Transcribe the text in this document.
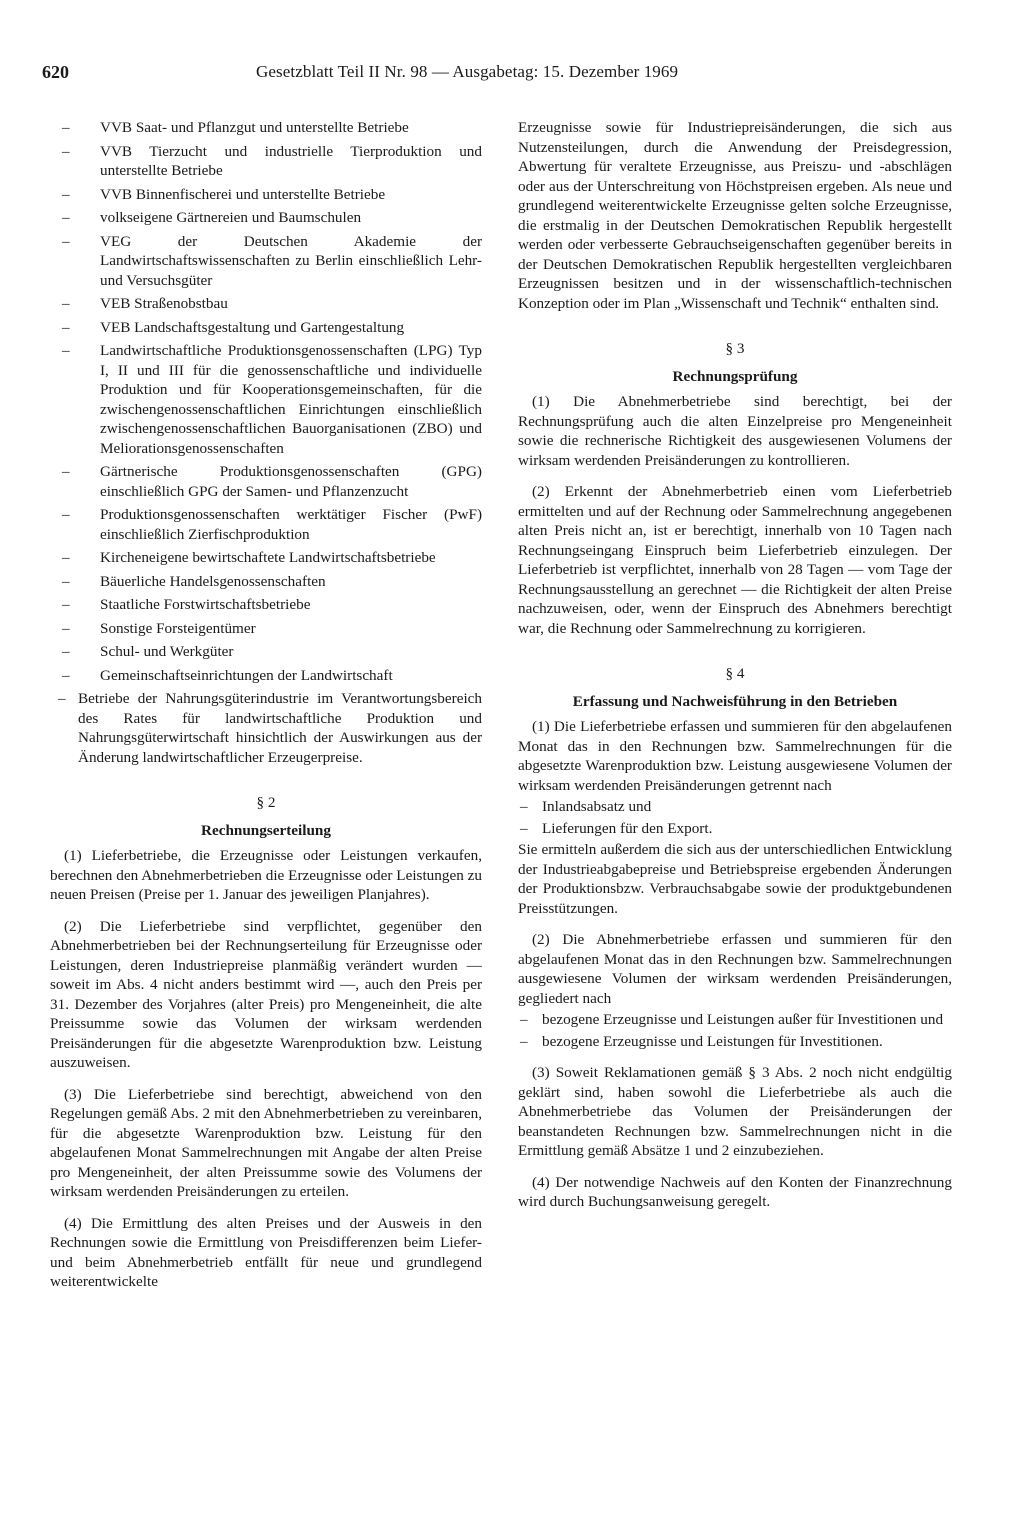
620	Gesetzblatt Teil II Nr. 98 — Ausgabetag: 15. Dezember 1969
– VVB Saat- und Pflanzgut und unterstellte Betriebe
– VVB Tierzucht und industrielle Tierproduktion und unterstellte Betriebe
– VVB Binnenfischerei und unterstellte Betriebe
– volkseigene Gärtnereien und Baumschulen
– VEG der Deutschen Akademie der Landwirtschaftswissenschaften zu Berlin einschließlich Lehr- und Versuchsgüter
– VEB Straßenobstbau
– VEB Landschaftsgestaltung und Gartengestaltung
– Landwirtschaftliche Produktionsgenossenschaften (LPG) Typ I, II und III für die genossenschaftliche und individuelle Produktion und für Kooperationsgemeinschaften, für die zwischengenossenschaftlichen Einrichtungen einschließlich zwischengenossenschaftlichen Bauorganisationen (ZBO) und Meliorationsgenossenschaften
– Gärtnerische Produktionsgenossenschaften (GPG) einschließlich GPG der Samen- und Pflanzenzucht
– Produktionsgenossenschaften werktätiger Fischer (PwF) einschließlich Zierfischproduktion
– Kircheneigene bewirtschaftete Landwirtschaftsbetriebe
– Bäuerliche Handelsgenossenschaften
– Staatliche Forstwirtschaftsbetriebe
– Sonstige Forsteigentümer
– Schul- und Werkgüter
– Gemeinschaftseinrichtungen der Landwirtschaft
– Betriebe der Nahrungsgüterindustrie im Verantwortungsbereich des Rates für landwirtschaftliche Produktion und Nahrungsgüterwirtschaft hinsichtlich der Auswirkungen aus der Änderung landwirtschaftlicher Erzeugerpreise.

§ 2

Rechnungserteilung

(1) Lieferbetriebe, die Erzeugnisse oder Leistungen verkaufen, berechnen den Abnehmerbetrieben die Erzeugnisse oder Leistungen zu neuen Preisen (Preise per 1. Januar des jeweiligen Planjahres).

(2) Die Lieferbetriebe sind verpflichtet, gegenüber den Abnehmerbetrieben bei der Rechnungserteilung für Erzeugnisse oder Leistungen, deren Industriepreise planmäßig verändert wurden — soweit im Abs. 4 nicht anders bestimmt wird —, auch den Preis per 31. Dezember des Vorjahres (alter Preis) pro Mengeneinheit, die alte Preissumme sowie das Volumen der wirksam werdenden Preisänderungen für die abgesetzte Warenproduktion bzw. Leistung auszuweisen.

(3) Die Lieferbetriebe sind berechtigt, abweichend von den Regelungen gemäß Abs. 2 mit den Abnehmerbetrieben zu vereinbaren, für die abgesetzte Warenproduktion bzw. Leistung für den abgelaufenen Monat Sammelrechnungen mit Angabe der alten Preise pro Mengeneinheit, der alten Preissumme sowie des Volumens der wirksam werdenden Preisänderungen zu erteilen.

(4) Die Ermittlung des alten Preises und der Ausweis in den Rechnungen sowie die Ermittlung von Preisdifferenzen beim Liefer- und beim Abnehmerbetrieb entfällt für neue und grundlegend weiterentwickelte

Erzeugnisse sowie für Industriepreisänderungen, die sich aus Nutzensteilungen, durch die Anwendung der Preisdegression, Abwertung für veraltete Erzeugnisse, aus Preiszu- und -abschlägen oder aus der Unterschreitung von Höchstpreisen ergeben. Als neue und grundlegend weiterentwickelte Erzeugnisse gelten solche Erzeugnisse, die erstmalig in der Deutschen Demokratischen Republik hergestellt werden oder verbesserte Gebrauchseigenschaften gegenüber bereits in der Deutschen Demokratischen Republik hergestellten vergleichbaren Erzeugnissen besitzen und in der wissenschaftlich-technischen Konzeption oder im Plan „Wissenschaft und Technik“ enthalten sind.

§ 3

Rechnungsprüfung

(1) Die Abnehmerbetriebe sind berechtigt, bei der Rechnungsprüfung auch die alten Einzelpreise pro Mengeneinheit sowie die rechnerische Richtigkeit des ausgewiesenen Volumens der wirksam werdenden Preisänderungen zu kontrollieren.

(2) Erkennt der Abnehmerbetrieb einen vom Lieferbetrieb ermittelten und auf der Rechnung oder Sammelrechnung angegebenen alten Preis nicht an, ist er berechtigt, innerhalb von 10 Tagen nach Rechnungseingang Einspruch beim Lieferbetrieb einzulegen. Der Lieferbetrieb ist verpflichtet, innerhalb von 28 Tagen — vom Tage der Rechnungsausstellung an gerechnet — die Richtigkeit der alten Preise nachzuweisen, oder, wenn der Einspruch des Abnehmers berechtigt war, die Rechnung oder Sammelrechnung zu korrigieren.

§ 4

Erfassung und Nachweisführung in den Betrieben

(1) Die Lieferbetriebe erfassen und summieren für den abgelaufenen Monat das in den Rechnungen bzw. Sammelrechnungen für die abgesetzte Warenproduktion bzw. Leistung ausgewiesene Volumen der wirksam werdenden Preisänderungen getrennt nach

– Inlandsabsatz und
– Lieferungen für den Export.

Sie ermitteln außerdem die sich aus der unterschiedlichen Entwicklung der Industrieabgabepreise und Betriebspreise ergebenden Änderungen der Produktionsbzw. Verbrauchsabgabe sowie der produktgebundenen Preisstützungen.

(2) Die Abnehmerbetriebe erfassen und summieren für den abgelaufenen Monat das in den Rechnungen bzw. Sammelrechnungen ausgewiesene Volumen der wirksam werdenden Preisänderungen, gegliedert nach

– bezogene Erzeugnisse und Leistungen außer für Investitionen und
– bezogene Erzeugnisse und Leistungen für Investitionen.

(3) Soweit Reklamationen gemäß § 3 Abs. 2 noch nicht endgültig geklärt sind, haben sowohl die Lieferbetriebe als auch die Abnehmerbetriebe das Volumen der Preisänderungen der beanstandeten Rechnungen bzw. Sammelrechnungen nicht in die Ermittlung gemäß Absätze 1 und 2 einzubeziehen.

(4) Der notwendige Nachweis auf den Konten der Finanzrechnung wird durch Buchungsanweisung geregelt.
